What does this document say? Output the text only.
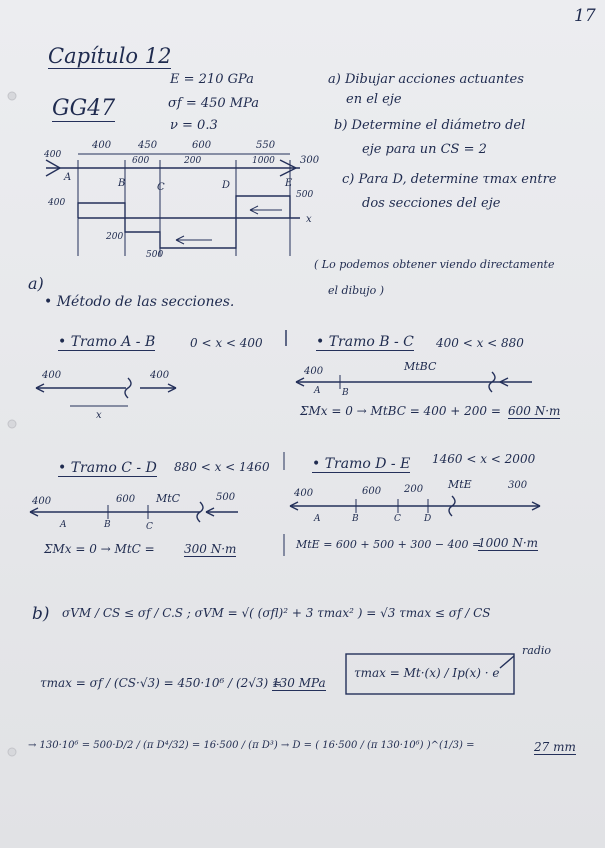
17
Capítulo 12
GG47
E = 210 GPa
σf = 450 MPa
ν = 0.3
a) Dibujar acciones actuantes
en el eje
b) Determine el diámetro del
eje para un CS = 2
c) Para D, determine τmax entre
dos secciones del eje
400	450	600	550
300
400
600	200	1000
A
B	C	D	E
400
200
500
500
x
( Lo podemos obtener viendo directamente
el dibujo )
a)
• Método de las secciones.
• Tramo A - B	0 < x < 400
400	400
x
• Tramo B - C 400 < x < 880
400	MtBC
A B
ΣMx = 0 → MtBC = 400 + 200 = 600 N·m
• Tramo C - D 880 < x < 1460
400	600 MtC	500
A	B	C
ΣMx = 0 → MtC = 300 N·m
• Tramo D - E 1460 < x < 2000
400	600 200 MtE	300
A	B	C	D
MtE = 600 + 500 + 300 − 400 =
1000 N·m
b) σVM / CS ≤ σf / C.S ; σVM = √( (σfl)² + 3 τmax² ) = √3 τmax ≤ σf / CS
τmax = σf / (CS·√3) = 450·10⁶ / (2√3) ≈
130 MPa
τmax = Mt·(x) / Ip(x) · e
radio
→ 130·10⁶ = 500·D/2 / (π D⁴/32) = 16·500 / (π D³) → D = ( 16·500 / (π 130·10⁶) )^(1/3) =	27 mm
